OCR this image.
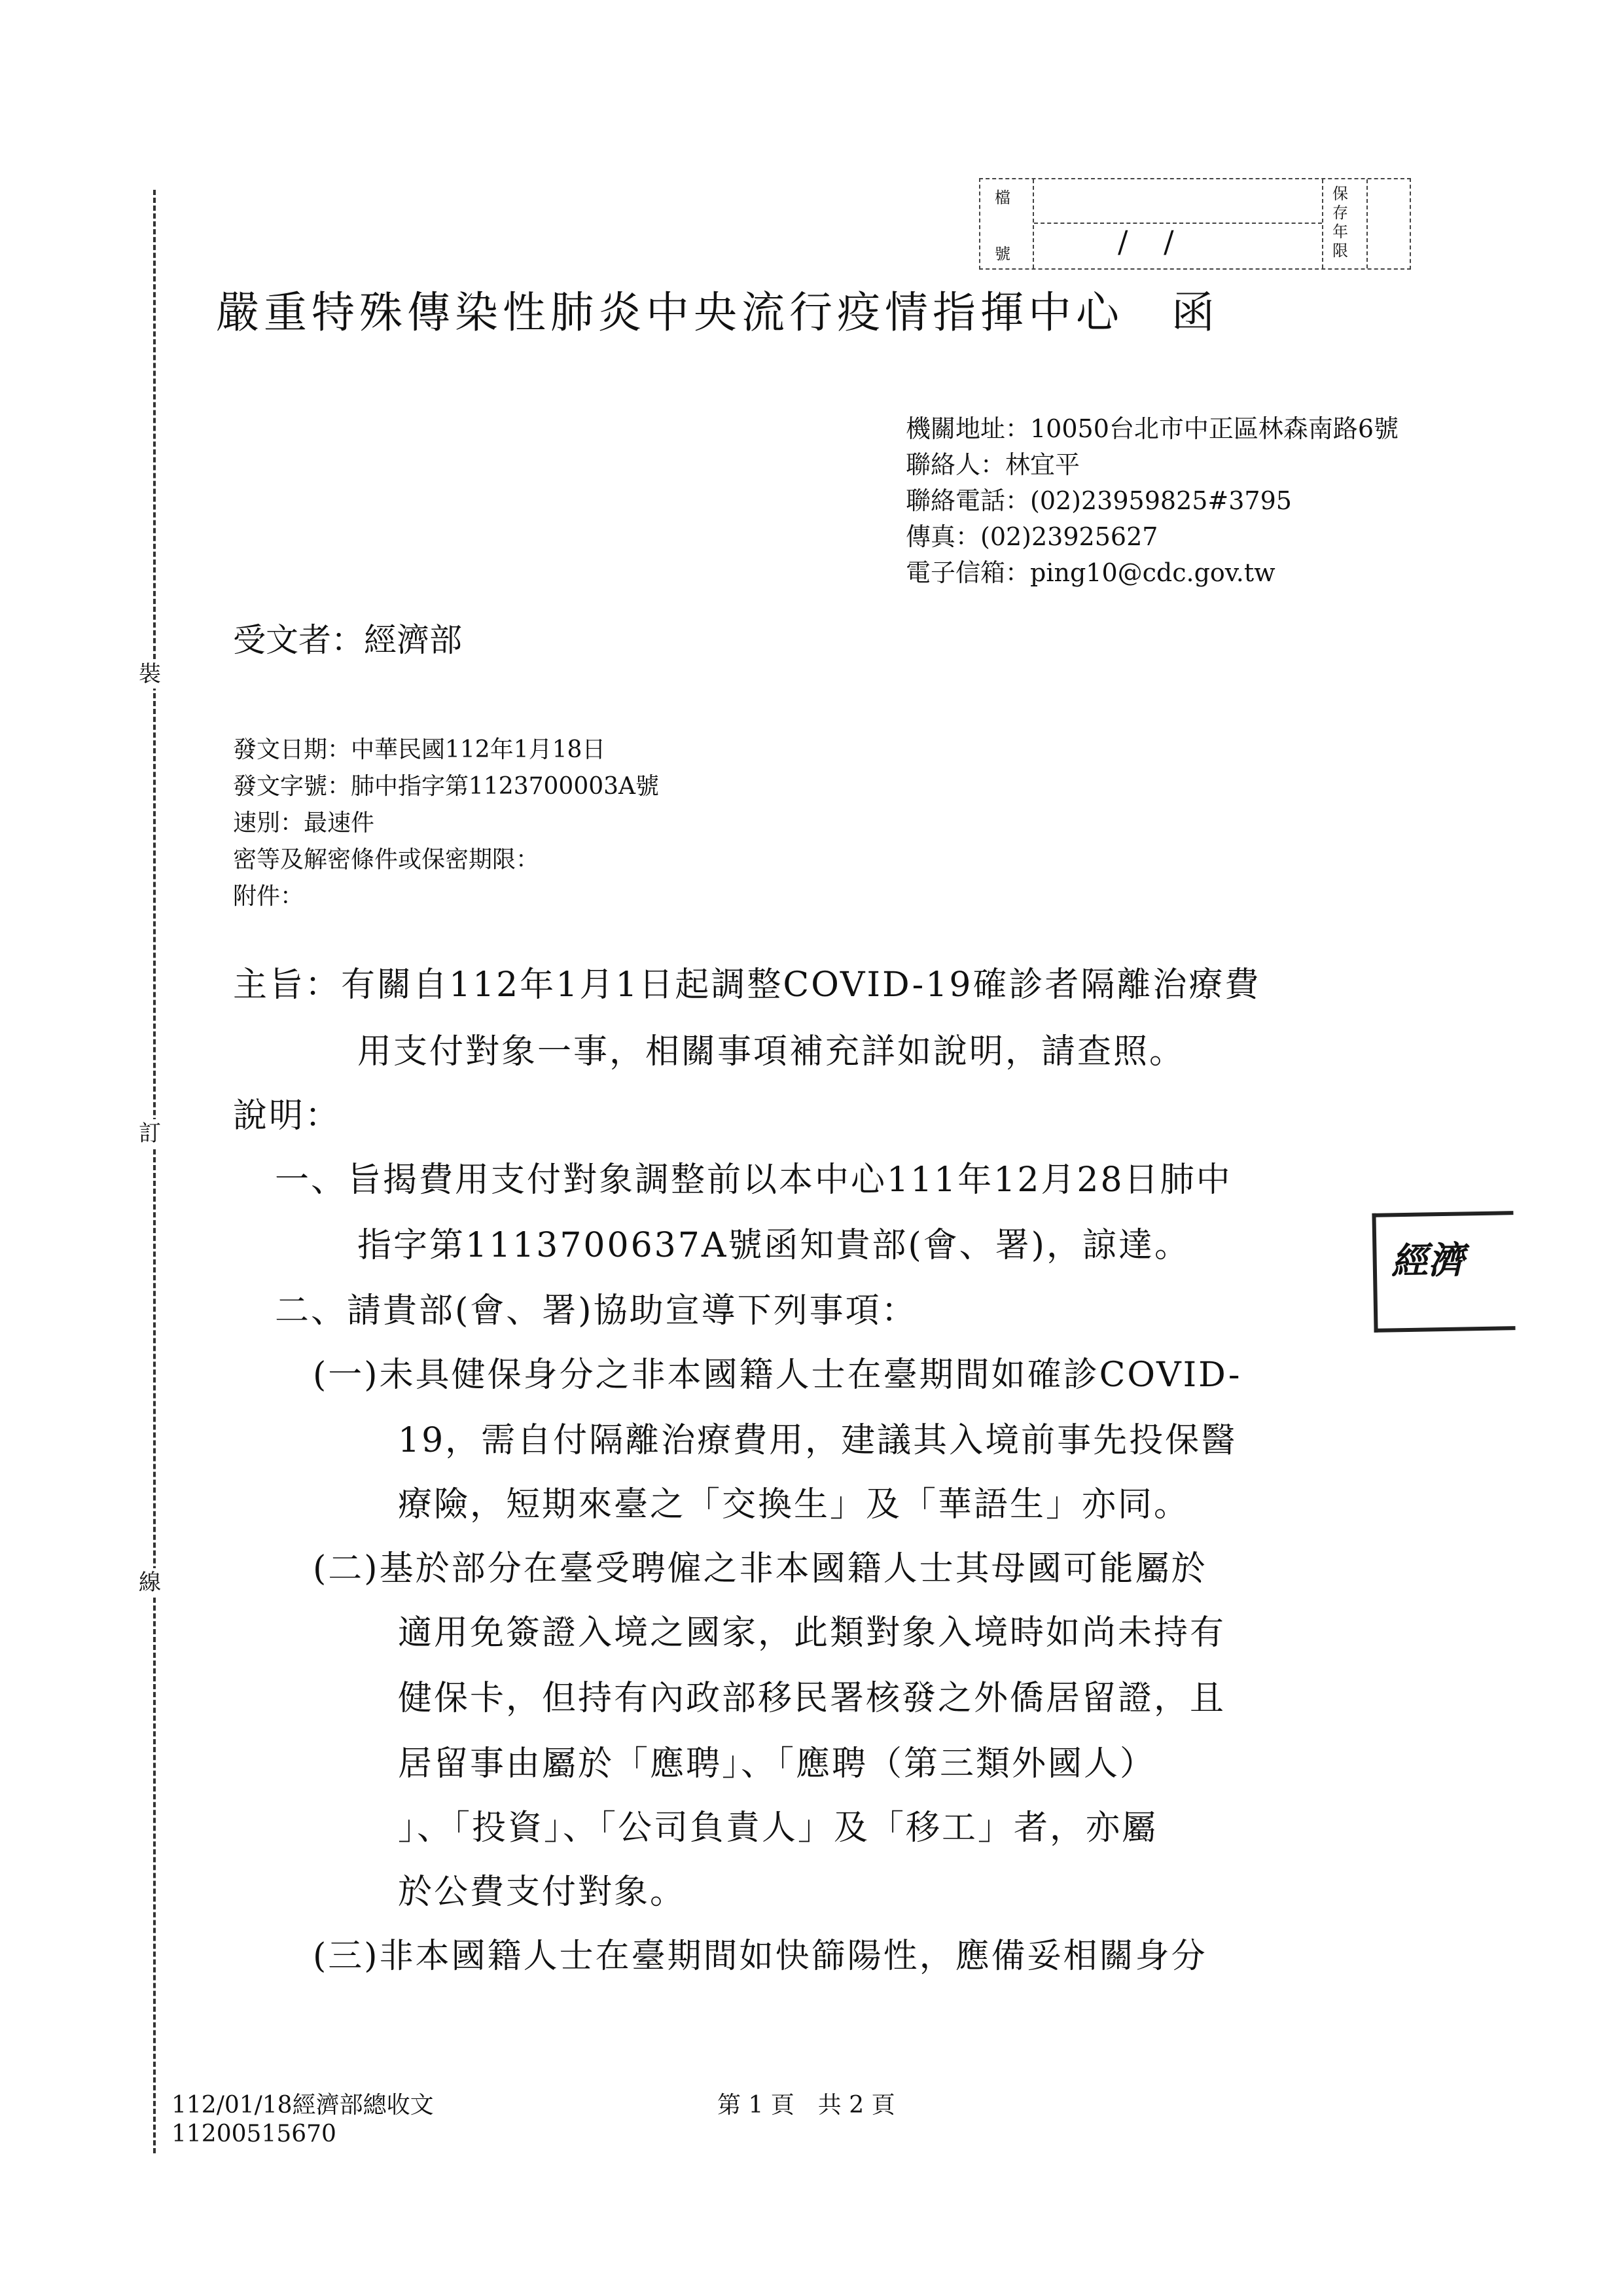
裝
訂
線
檔
號	/ /
保存年限
嚴重特殊傳染性肺炎中央流行疫情指揮中心　函
機關地址：10050台北市中正區林森南路6號
聯絡人：林宜平
聯絡電話：(02)23959825#3795
傳真：(02)23925627
電子信箱：ping10@cdc.gov.tw
受文者：經濟部
發文日期：中華民國112年1月18日
發文字號：肺中指字第1123700003A號
速別：最速件
密等及解密條件或保密期限：
附件：
主旨：有關自112年1月1日起調整COVID-19確診者隔離治療費
用支付對象一事，相關事項補充詳如說明，請查照。
說明：
一、旨揭費用支付對象調整前以本中心111年12月28日肺中
指字第1113700637A號函知貴部(會、署)，諒達。
二、請貴部(會、署)協助宣導下列事項：
(一)未具健保身分之非本國籍人士在臺期間如確診COVID-
19，需自付隔離治療費用，建議其入境前事先投保醫
療險，短期來臺之「交換生」及「華語生」亦同。
(二)基於部分在臺受聘僱之非本國籍人士其母國可能屬於
適用免簽證入境之國家，此類對象入境時如尚未持有
健保卡，但持有內政部移民署核發之外僑居留證，且
居留事由屬於「應聘」、「應聘（第三類外國人）
」、「投資」、「公司負責人」及「移工」者，亦屬
於公費支付對象。
(三)非本國籍人士在臺期間如快篩陽性，應備妥相關身分
經濟
112/01/18經濟部總收文
11200515670
第 1 頁　共 2 頁
